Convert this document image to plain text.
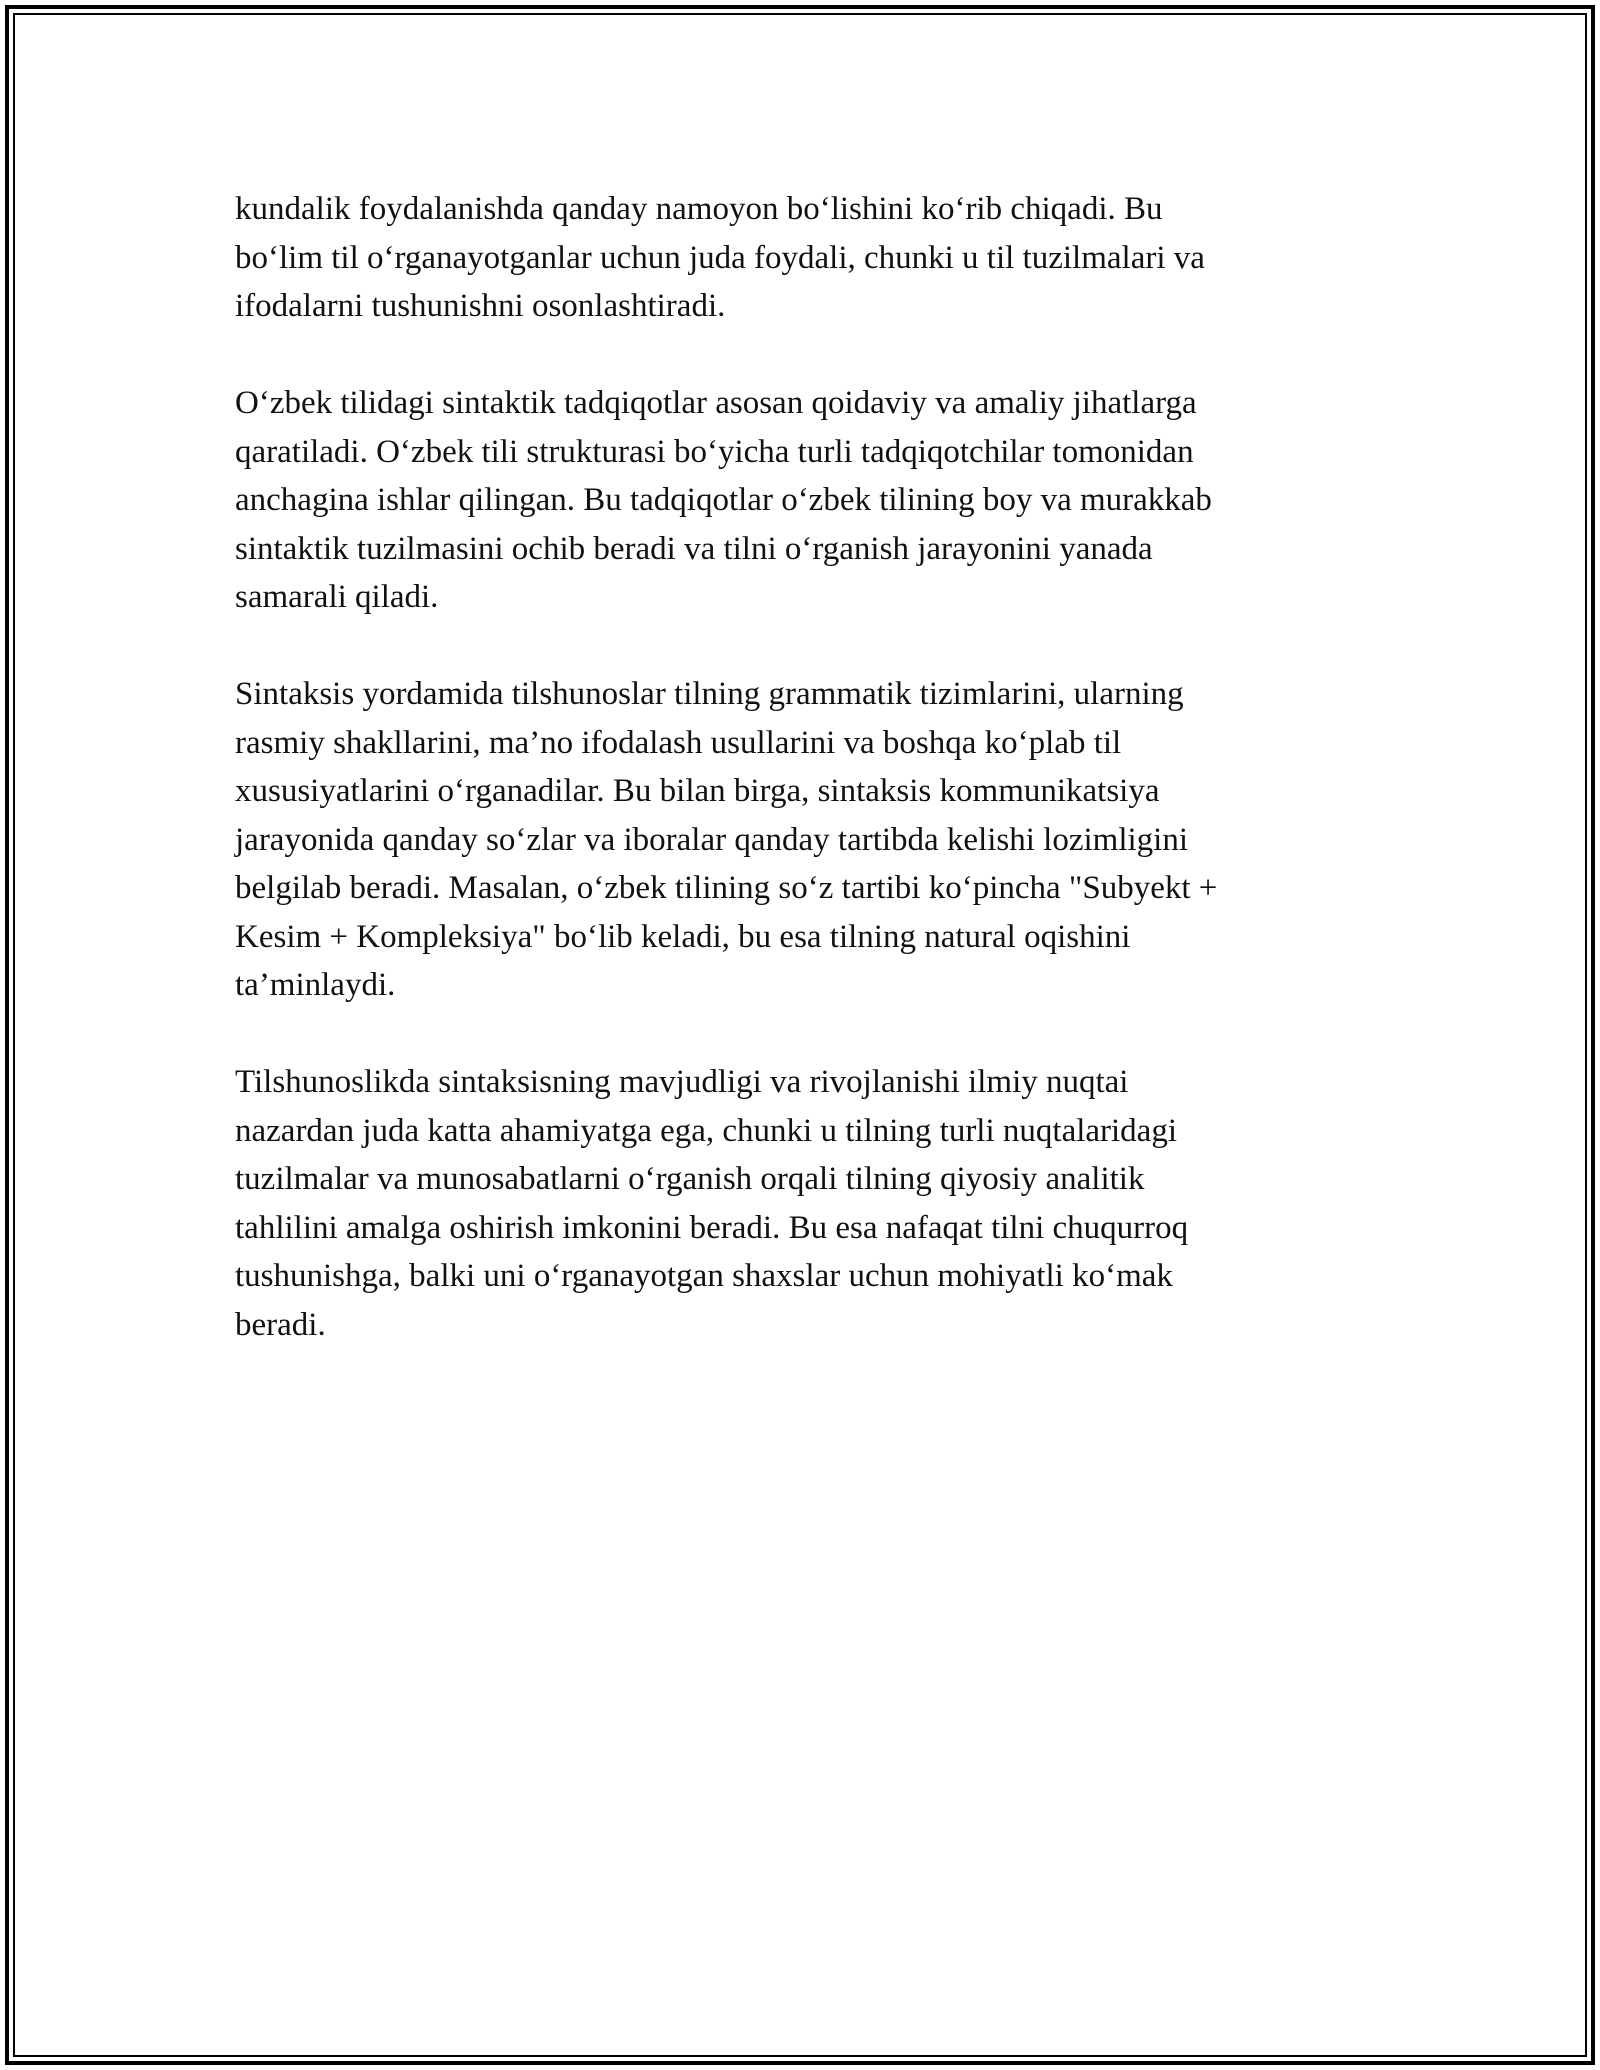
kundalik foydalanishda qanday namoyon bo‘lishini ko‘rib chiqadi. Bu
bo‘lim til o‘rganayotganlar uchun juda foydali, chunki u til tuzilmalari va
ifodalarni tushunishni osonlashtiradi.

O‘zbek tilidagi sintaktik tadqiqotlar asosan qoidaviy va amaliy jihatlarga
qaratiladi. O‘zbek tili strukturasi bo‘yicha turli tadqiqotchilar tomonidan
anchagina ishlar qilingan. Bu tadqiqotlar o‘zbek tilining boy va murakkab
sintaktik tuzilmasini ochib beradi va tilni o‘rganish jarayonini yanada
samarali qiladi.

Sintaksis yordamida tilshunoslar tilning grammatik tizimlarini, ularning
rasmiy shakllarini, ma’no ifodalash usullarini va boshqa ko‘plab til
xususiyatlarini o‘rganadilar. Bu bilan birga, sintaksis kommunikatsiya
jarayonida qanday so‘zlar va iboralar qanday tartibda kelishi lozimligini
belgilab beradi. Masalan, o‘zbek tilining so‘z tartibi ko‘pincha "Subyekt +
Kesim + Kompleksiya" bo‘lib keladi, bu esa tilning natural oqishini
ta’minlaydi.

Tilshunoslikda sintaksisning mavjudligi va rivojlanishi ilmiy nuqtai
nazardan juda katta ahamiyatga ega, chunki u tilning turli nuqtalaridagi
tuzilmalar va munosabatlarni o‘rganish orqali tilning qiyosiy analitik
tahlilini amalga oshirish imkonini beradi. Bu esa nafaqat tilni chuqurroq
tushunishga, balki uni o‘rganayotgan shaxslar uchun mohiyatli ko‘mak
beradi.
